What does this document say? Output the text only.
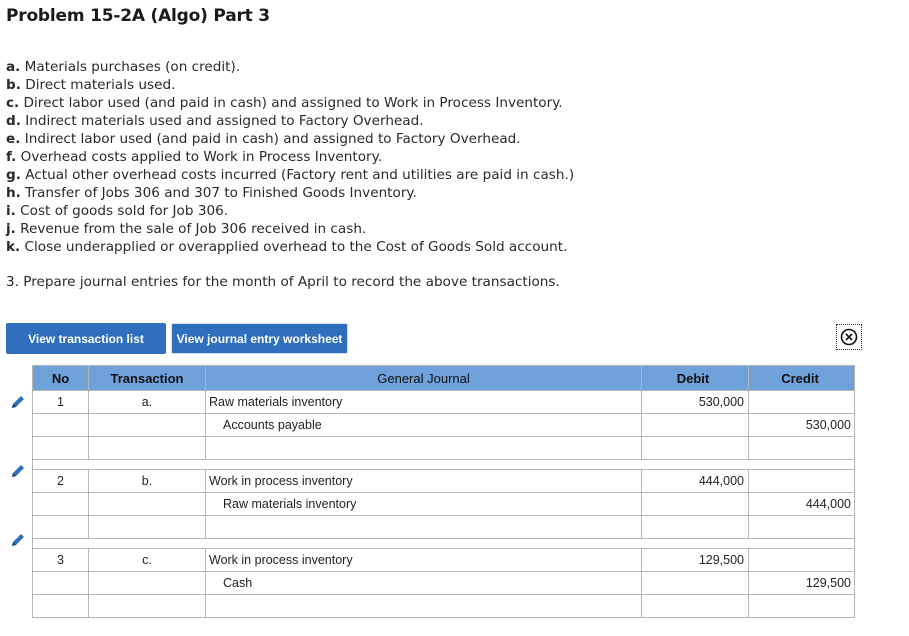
Problem 15-2A (Algo) Part 3
a. Materials purchases (on credit).
b. Direct materials used.
c. Direct labor used (and paid in cash) and assigned to Work in Process Inventory.
d. Indirect materials used and assigned to Factory Overhead.
e. Indirect labor used (and paid in cash) and assigned to Factory Overhead.
f. Overhead costs applied to Work in Process Inventory.
g. Actual other overhead costs incurred (Factory rent and utilities are paid in cash.)
h. Transfer of Jobs 306 and 307 to Finished Goods Inventory.
i. Cost of goods sold for Job 306.
j. Revenue from the sale of Job 306 received in cash.
k. Close underapplied or overapplied overhead to the Cost of Goods Sold account.
3. Prepare journal entries for the month of April to record the above transactions.
View transaction list	View journal entry worksheet
No	Transaction	General Journal	Debit	Credit
1	a.	Raw materials inventory	530,000	
		Accounts payable		530,000

2	b.	Work in process inventory	444,000	
		Raw materials inventory		444,000

3	c.	Work in process inventory	129,500	
		Cash		129,500
